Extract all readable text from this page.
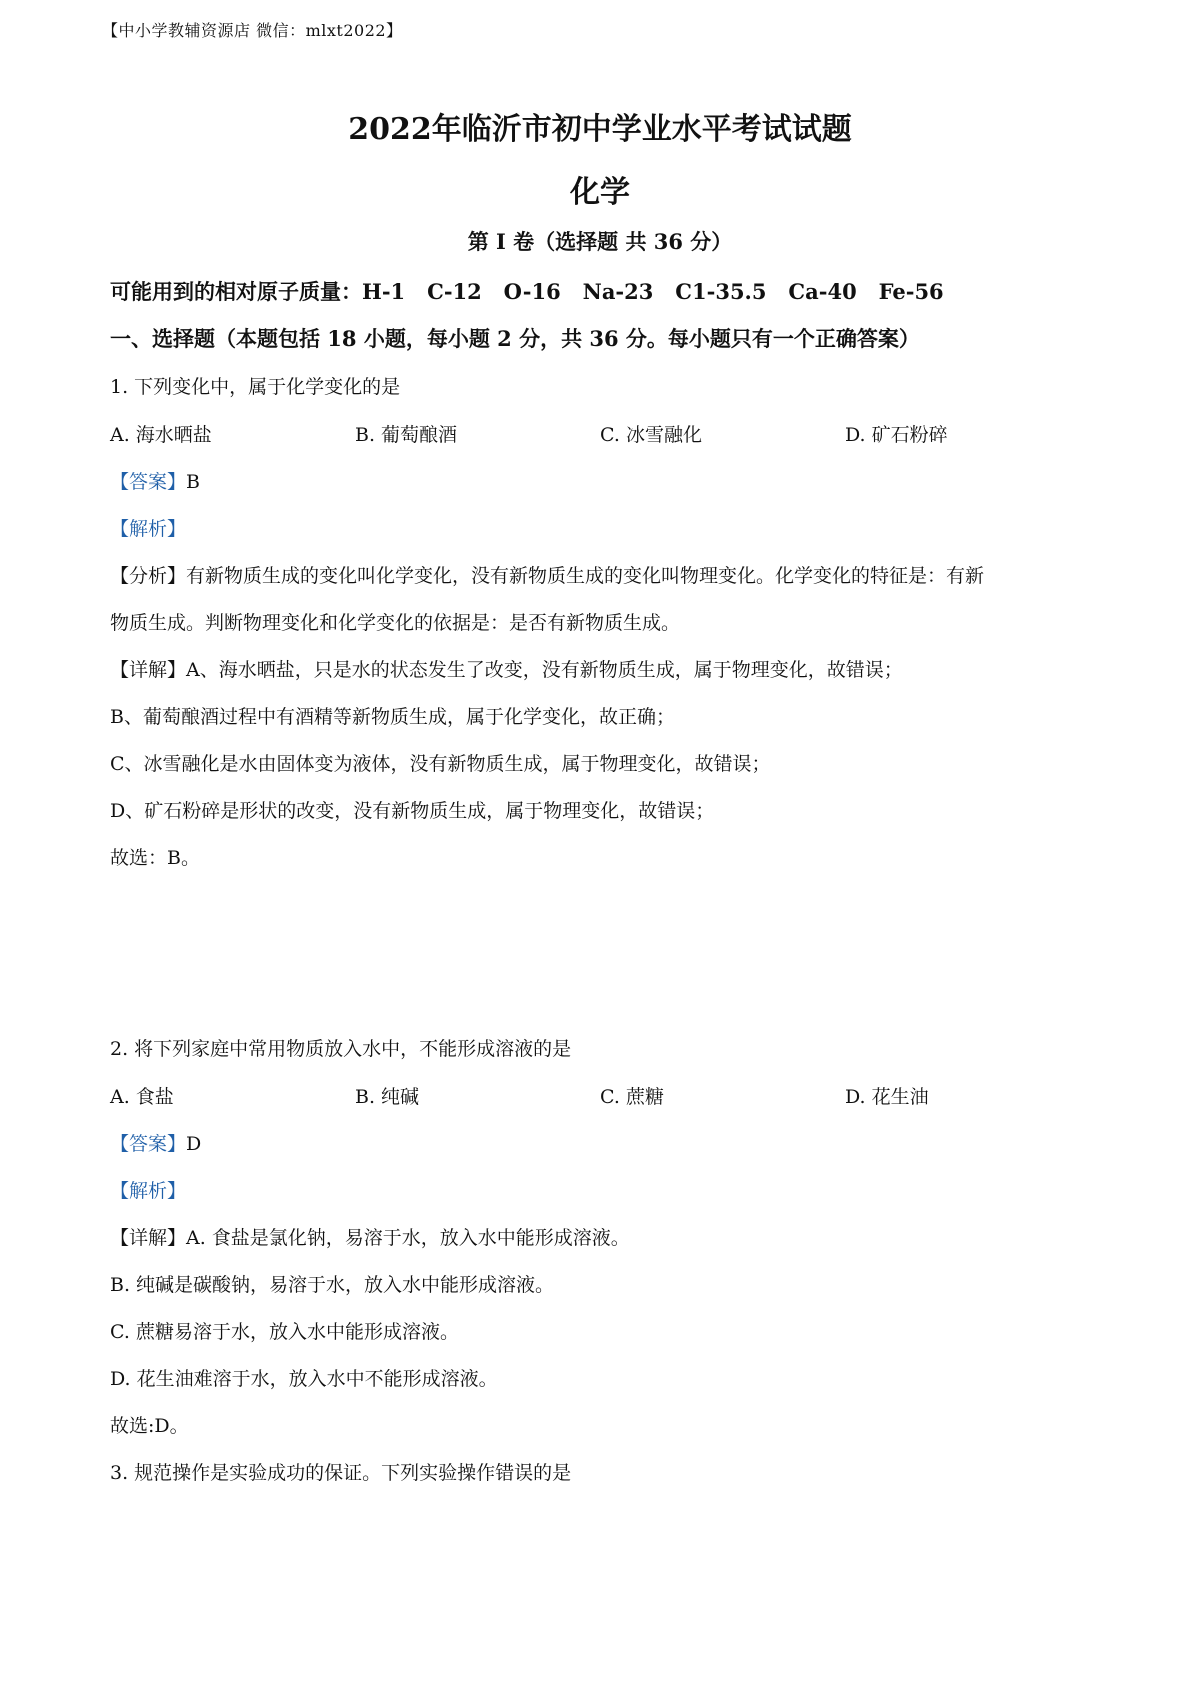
【中小学教辅资源店 微信：mlxt2022】
2022年临沂市初中学业水平考试试题
化学
第 I 卷（选择题 共 36 分）
可能用到的相对原子质量：H-1   C-12   O-16   Na-23   C1-35.5   Ca-40   Fe-56
一、选择题（本题包括 18 小题，每小题 2 分，共 36 分。每小题只有一个正确答案）
1. 下列变化中，属于化学变化的是
A. 海水晒盐	B. 葡萄酿酒	C. 冰雪融化	D. 矿石粉碎
【答案】B
【解析】
【分析】有新物质生成的变化叫化学变化，没有新物质生成的变化叫物理变化。化学变化的特征是：有新
物质生成。判断物理变化和化学变化的依据是：是否有新物质生成。
【详解】A、海水晒盐，只是水的状态发生了改变，没有新物质生成，属于物理变化，故错误；
B、葡萄酿酒过程中有酒精等新物质生成，属于化学变化，故正确；
C、冰雪融化是水由固体变为液体，没有新物质生成，属于物理变化，故错误；
D、矿石粉碎是形状的改变，没有新物质生成，属于物理变化，故错误；
故选：B。
2. 将下列家庭中常用物质放入水中，不能形成溶液的是
A. 食盐	B. 纯碱	C. 蔗糖	D. 花生油
【答案】D
【解析】
【详解】A. 食盐是氯化钠，易溶于水，放入水中能形成溶液。
B. 纯碱是碳酸钠，易溶于水，放入水中能形成溶液。
C. 蔗糖易溶于水，放入水中能形成溶液。
D. 花生油难溶于水，放入水中不能形成溶液。
故选:D。
3. 规范操作是实验成功的保证。下列实验操作错误的是
